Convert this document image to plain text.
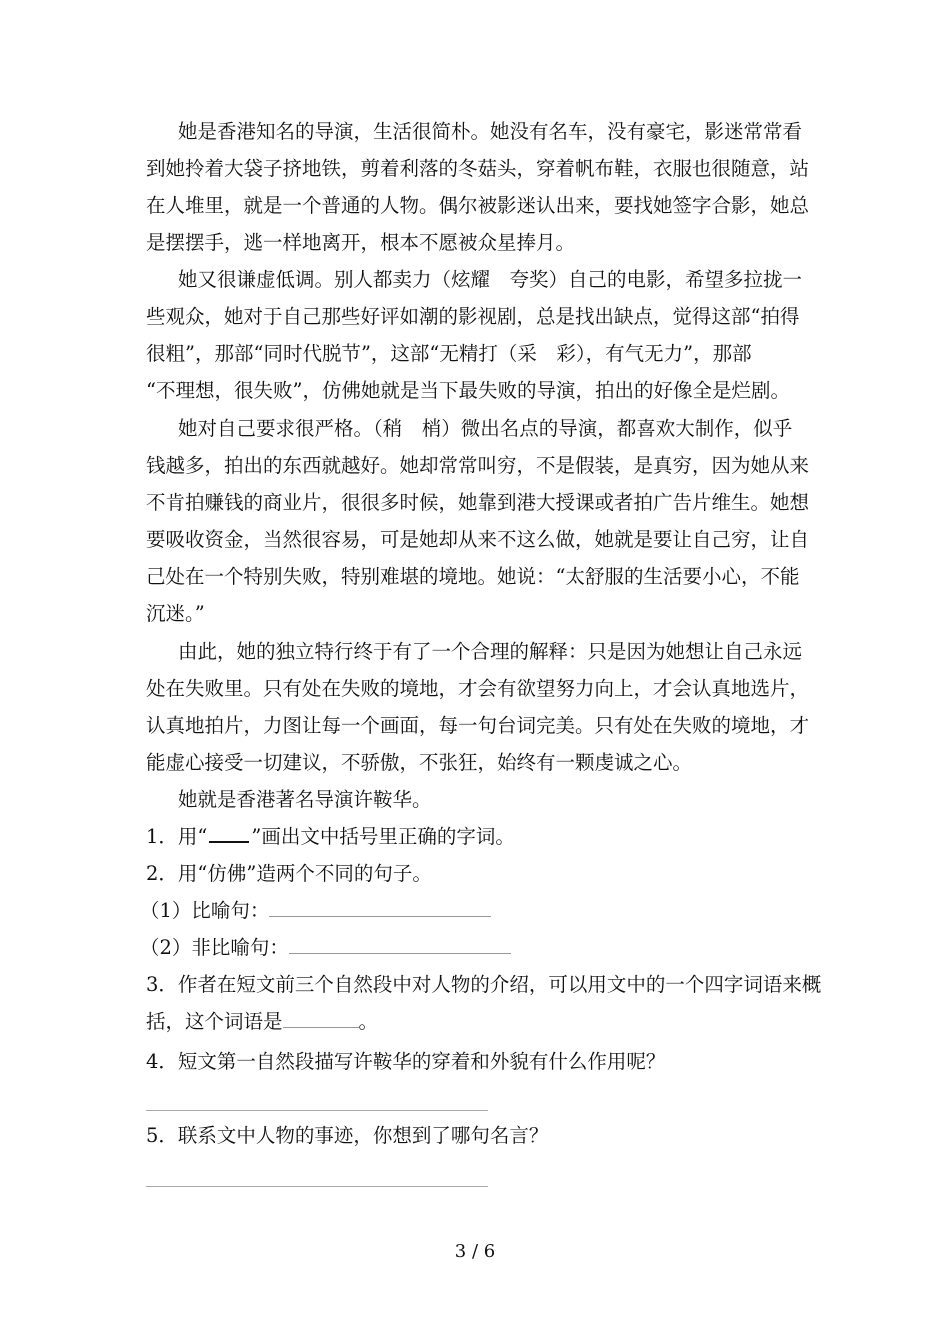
她是香港知名的导演，生活很简朴。她没有名车，没有豪宅，影迷常常看
到她拎着大袋子挤地铁，剪着利落的冬菇头，穿着帆布鞋，衣服也很随意，站
在人堆里，就是一个普通的人物。偶尔被影迷认出来，要找她签字合影，她总
是摆摆手，逃一样地离开，根本不愿被众星捧月。
她又很谦虚低调。别人都卖力（炫耀　夸奖）自己的电影，希望多拉拢一
些观众，她对于自己那些好评如潮的影视剧，总是找出缺点，觉得这部“拍得
很粗”，那部“同时代脱节”，这部“无精打（采　彩），有气无力”，那部
“不理想，很失败”，仿佛她就是当下最失败的导演，拍出的好像全是烂剧。
她对自己要求很严格。（稍　梢）微出名点的导演，都喜欢大制作，似乎
钱越多，拍出的东西就越好。她却常常叫穷，不是假装，是真穷，因为她从来
不肯拍赚钱的商业片，很很多时候，她靠到港大授课或者拍广告片维生。她想
要吸收资金，当然很容易，可是她却从来不这么做，她就是要让自己穷，让自
己处在一个特别失败，特别难堪的境地。她说：“太舒服的生活要小心，不能
沉迷。”
由此，她的独立特行终于有了一个合理的解释：只是因为她想让自己永远
处在失败里。只有处在失败的境地，才会有欲望努力向上，才会认真地选片，
认真地拍片，力图让每一个画面，每一句台词完美。只有处在失败的境地，才
能虚心接受一切建议，不骄傲，不张狂，始终有一颗虔诚之心。
她就是香港著名导演许鞍华。
1．用“ ”画出文中括号里正确的字词。
2．用“仿佛”造两个不同的句子。
（1）比喻句：
（2）非比喻句：
3．作者在短文前三个自然段中对人物的介绍，可以用文中的一个四字词语来概
括，这个词语是	。
4．短文第一自然段描写许鞍华的穿着和外貌有什么作用呢？
5．联系文中人物的事迹，你想到了哪句名言？
3 / 6
